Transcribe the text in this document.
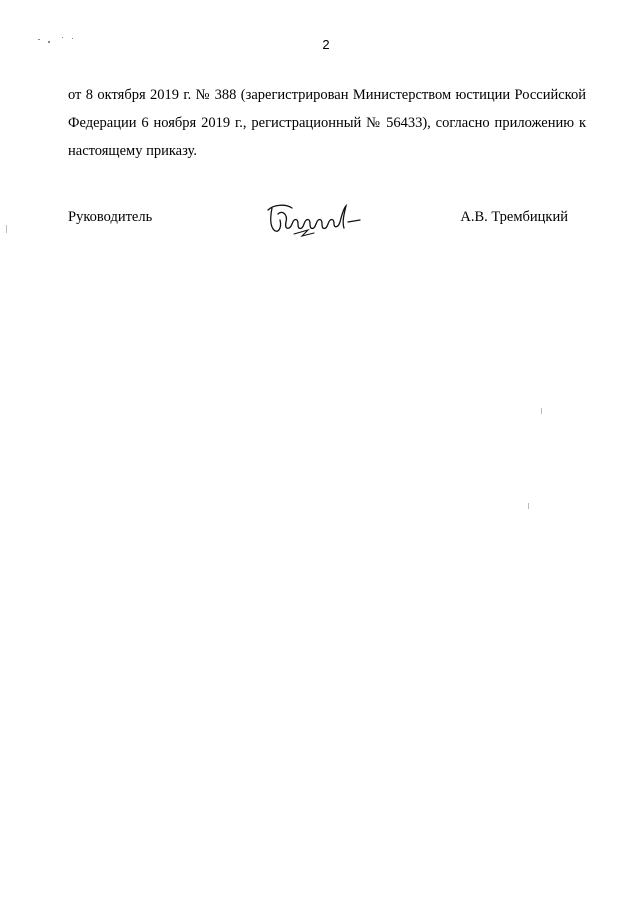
2

от 8 октября 2019 г. № 388 (зарегистрирован Министерством юстиции Российской Федерации 6 ноября 2019 г., регистрационный № 56433), согласно приложению к настоящему приказу.

Руководитель	А.В. Трембицкий
